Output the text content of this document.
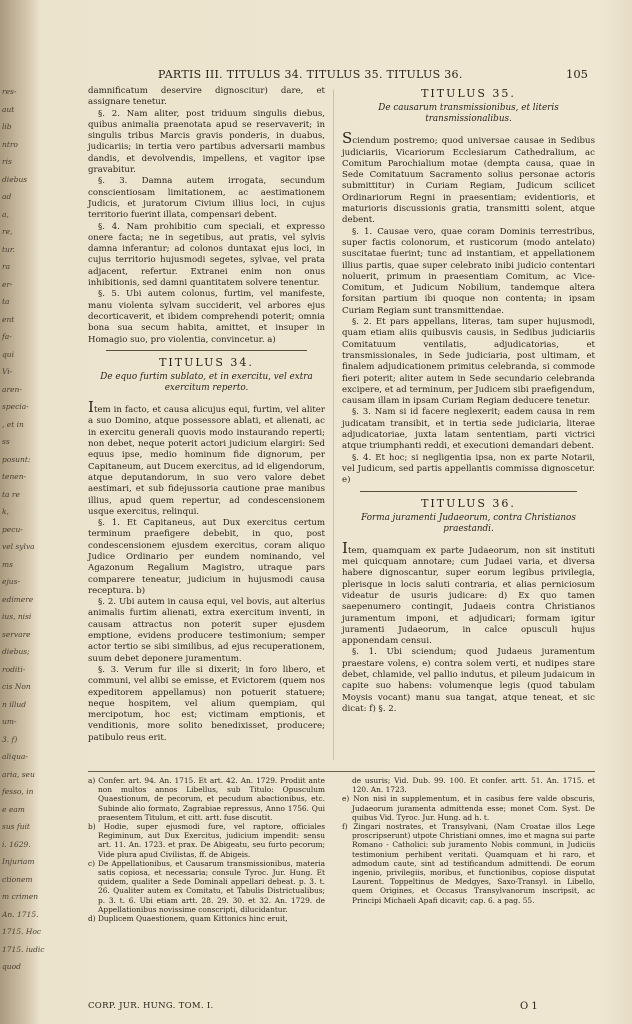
res-
aut
lib
ntro
ris
diebus
ad
a,
re,
tur.
ra
er-
ta
ent
fa-
qui
Vi-
aren-
specia-
, et in
ss
posunt:
tenen-
ta re
k,
pecu-
vel sylva
ms
ejus-
edimere
ius, nisi
servare
diebus;
roditi-
cis Non
n illud
um-
3. f)
aliqua-
aria, seu
fesso, in
e eam
sus fuit
i. 1629.
Injuriam
ctionem
m crimen
An. 1715.
1715. Hoc
1715. iudic
quod
PARTIS III. TITULUS 34. TITULUS 35. TITULUS 36.	105

damnificatum deservire dignoscitur) dare, et assignare tenetur.

§. 2. Nam aliter, post triduum singulis diebus, quibus animalia praenotata apud se reservaverit; in singulis tribus Marcis gravis ponderis, in duabus, judicariis; in tertia vero partibus adversarii mambus dandis, et devolvendis, impellens, et vagitor ipse gravabitur.

§. 3. Damna autem irrogata, secundum conscientiosam limitationem, ac aestimationem Judicis, et juratorum Civium illius loci, in cujus territorio fuerint illata, compensari debent.

§. 4. Nam prohibitio cum speciali, et expresso onere facta; ne in segetibus, aut pratis, vel sylvis damna inferantur; ad colonos duntaxat ejus loci, in cujus territorio hujusmodi segetes, sylvae, vel prata adjacent, refertur. Extranei enim non onus inhibitionis, sed damni quantitatem solvere tenentur.

§. 5. Ubi autem colonus, furtim, vel manifeste, manu violenta sylvam succiderit, vel arbores ejus decorticaverit, et ibidem comprehendi poterit; omnia bona sua secum habita, amittet, et insuper in Homagio suo, pro violentia, convincetur. a)

TITULUS 34.
De equo furtim sublato, et in exercitu, vel extra exercitum reperto.

Item in facto, et causa alicujus equi, furtim, vel aliter a suo Domino, atque possessore ablati, et alienati, ac in exercitu generali quovis modo instaurando reperti; non debet, neque poterit actori judicium elargiri: Sed equus ipse, medio hominum fide dignorum, per Capitaneum, aut Ducem exercitus, ad id eligendorum, atque deputandorum, in suo vero valore debet aestimari, et sub fidejussoria cautione prae manibus illius, apud quem repertur, ad condescensionem usque exercitus, relinqui.

§. 1. Et Capitaneus, aut Dux exercitus certum terminum praefigere debebit, in quo, post condescensionem ejusdem exercitus, coram aliquo Judice Ordinario per eundem nominando, vel Agazonum Regalium Magistro, utraque pars comparere teneatur, judicium in hujusmodi causa recepturа. b)

§. 2. Ubi autem in causa equi, vel bovis, aut alterius animalis furtim alienati, extra exercitum inventi, in causam attractus non poterit super ejusdem emptione, evidens producere testimonium; semper actor tertio se sibi similibus, ad ejus recuperationem, suum debet deponere juramentum.

§. 3. Verum fur ille si dixerit; in foro libero, et communi, vel alibi se emisse, et Evictorem (quem nos expeditorem appellamus) non potuerit statuere; neque hospitem, vel alium quempiam, qui mercipotum, hoc est; victimam emptionis, et venditionis, more solito benedixisset, producere; patibulo reus erit.

TITULUS 35.
De causarum transmissionibus, et literis transmissionalibus.

Sciendum postremo; quod universae causae in Sedibus judiciariis, Vicariorum Ecclesiarum Cathedralium, ac Comitum Parochialium motae (dempta causa, quae in Sede Comitatuum Sacramento solius personae actoris submittitur) in Curiam Regiam, Judicum scilicet Ordinariorum Regni in praesentiam; evidentioris, et maturioris discussionis gratia, transmitti solent, atque debent.

§. 1. Causae vero, quae coram Dominis terrestribus, super factis colonorum, et rusticorum (modo antelato) suscitatae fuerint; tunc ad instantiam, et appellationem illius partis, quae super celebrato inibi judicio contentari noluerit, primum in praesentiam Comitum, ac Vice-Comitum, et Judicum Nobilium, tandemque altera forsitan partium ibi quoque non contenta; in ipsam Curiam Regiam sunt transmittendae.

§. 2. Et pars appellans, literas, tam super hujusmodi, quam etiam aliis quibusvis causis, in Sedibus judiciariis Comitatuum ventilatis, adjudicatorias, et transmissionales, in Sede judiciaria, post ultimam, et finalem adjudicationem primitus celebranda, si commode fieri poterit; aliter autem in Sede secundario celebranda excipere, et ad terminum, per Judicem sibi praefigendum, causam illam in ipsam Curiam Regiam deducere tenetur.

§. 3. Nam si id facere neglexerit; eadem causa in rem judicatam transibit, et in tertia sede judiciaria, literae adjudicatoriae, juxta latam sententiam, parti victrici atque triumphanti reddi, et executioni demandari debent.

§. 4. Et hoc; si negligentia ipsa, non ex parte Notarii, vel Judicum, sed partis appellantis commissa dignoscetur. e)

TITULUS 36.
Forma juramenti Judaeorum, contra Christianos praestandi.

Item, quamquam ex parte Judaeorum, non sit instituti mei quicquam annotare; cum Judaei varia, et diversa habere dignoscantur, super eorum legibus privilegia, plerisque in locis saluti contraria, et alias perniciosum videatur de usuris judicare: d) Ex quo tamen saepenumero contingit, Judaeis contra Christianos juramentum imponi, et adjudicari; formam igitur juramenti Judaeorum, in calce opusculi hujus apponendam censui.

§. 1. Ubi sciendum; quod Judaeus juramentum praestare volens, e) contra solem verti, et nudipes stare debet, chlamide, vel pallio indutus, et pileum judaicum in capite suo habens: volumenque legis (quod tabulam Moysis vocant) manu sua tangat, atque teneat, et sic dicat: f) §. 2.

a) Confer. art. 94. An. 1715. Et art. 42. An. 1729. Prodiit ante non multos annos Libellus, sub Titulo: Opusculum Quaestionum, de pecorum, et pecudum abactionibus, etc. Subinde alio formato, Zagrabiae repressus, Anno 1756. Qui praesentem Titulum, et citt. artt. fuse discutit.

b) Hodie, super ejusmodi fure, vel raptore, officiales Regiminum, aut Dux Exercitus, judicium impendit: sensu art. 11. An. 1723. et prax. De Abigeatu, seu furto pecorum; Vide plura apud Civilistas, ff. de Abigeis.

c) De Appellationibus, et Causarum transmissionibus, materia satis copiosa, et necessaria; consule Tyroc. Jur. Hung. Et quidem, qualiter a Sede Dominali appellari debeat. p. 3. t. 26. Qualiter autem ex Comitatu, et Tabulis Districtualibus; p. 3. t. 6. Ubi etiam artt. 28. 29. 30. et 32. An. 1729. de Appellationibus novissime conscripti, dilucidantur.

d) Duplicem Quaestionem, quam Kittonics hinc eruit,

de usuris; Vid. Dub. 99. 100. Et confer. artt. 51. An. 1715. et 120. An. 1723.

e) Non nisi in supplementum, et in casibus fere valde obscuris, Judaeorum juramenta admittenda esse; monet Com. Syst. De quibus Vid. Tyroc. Jur. Hung. ad h. t.

f) Zingari nostrates, et Transylvani, (Nam Croatae illos Lege proscripserunt) utpote Christiani omnes, imo et magna sui parte Romano - Catholici: sub juramento Nobis communi, in Judiciis testimonium perhibent veritati. Quamquam et hi raro, et admodum caute, sint ad testificandum admittendi. De eorum ingenio, privilegiis, moribus, et functionibus, copiose disputat Laurent. Toppeltinus de Medgyes, Saxo-Transyl. in Libello, quem Origines, et Occasus Transylvanorum inscripsit, ac Principi Michaeli Apafi dicavit; cap. 6. a pag. 55.

CORP. JUR. HUNG. TOM. I.	O 1
